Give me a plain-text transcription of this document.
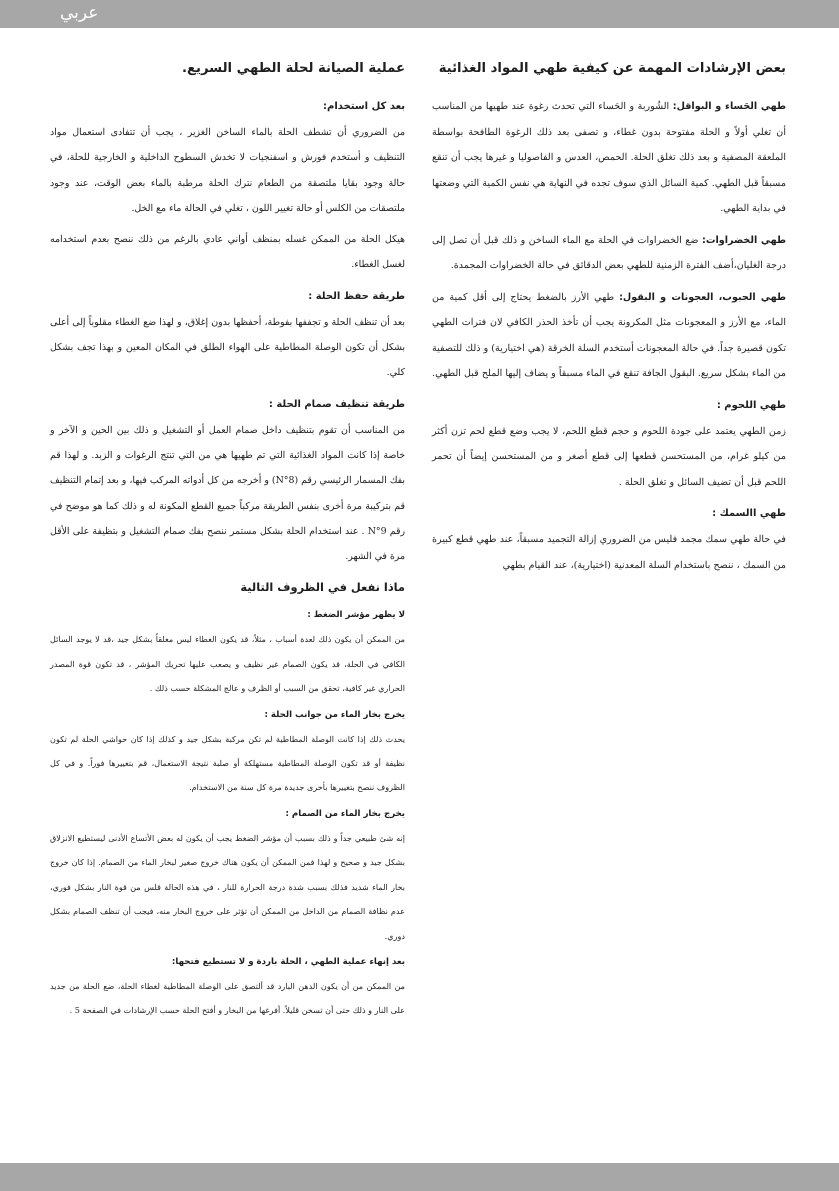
عربي
بعض الإرشادات المهمة عن كيفية طهي المواد الغذائية

طهي الحَساء و البواقل: الشُوربة و الحَساء التي تحدث رغوة عند طهيها من المناسب أن تغلي أولاً و الحلة مفتوحة بدون غطاء، و تصفى بعد ذلك الرغوة الطافحة بواسطة الملعقة المصفية و بعد ذلك تغلق الحلة. الحمص، العدس و الفاصوليا و غيرها يجب أن تنقع مسبقاً قبل الطهي. كمية السائل الذي سوف تجده في النهاية هي نفس الكمية التي وضعتها في بداية الطهي.

طهي الخضراوات: ضع الخضراوات في الحلة مع الماء الساخن و ذلك قبل أن تصل إلى درجة الغليان،أضف الفترة الزمنية للطهي بعض الدقائق في حالة الخضراوات المجمدة.

طهي الحبوب، العجونات و البقول: طهي الأرز بالضغط يحتاج إلى أقل كمية من الماء، مع الأرز و المعجونات مثل المكرونة يجب أن تأخذ الحذر الكافي لان فترات الطهي تكون قصيرة جداً. في حالة المعجونات أستخدم السلة الخرقة (هي اختيارية) و ذلك للتصفية من الماء بشكل سريع. البقول الجافة تنقع في الماء مسبقاً و يضاف إليها الملح قبل الطهي.

طهي اللحوم :

زمن الطهي يعتمد على جودة اللحوم و حجم قطع اللحم، لا يجب وضع قطع لحم تزن أكثر من كيلو غرام، من المستحسن قطعها إلى قطع أصغر و من المستحسن إيضاً أن تحمر اللحم قبل أن تضيف السائل و تغلق الحلة .

طهي االسمك :

في حالة طهي سمك مجمد فليس من الضروري إزالة التجميد مسبقاً، عند طهي قطع كبيرة من السمك ، ننصح باستخدام السلة المعدنية (اختيارية)، عند القيام بطهي

عملية الصيانة لحلة الطهي السريع.
بعد كل استخدام:

من الضروري أن تشطف الحلة بالماء الساخن الغزير ، يجب أن تتفادى استعمال مواد التنظيف و أستخدم فورش و اسفنجيات لا تخدش السطوح الداخلية و الخارجية للحلة، في حالة وجود بقايا ملتصقة من الطعام نترك الحلة مرطبة بالماء بعض الوقت، عند وجود ملتصقات من الكلس أو حالة تغيير اللون ، تغلي في الحالة ماء مع الخل.

هيكل الحلة من الممكن غسله بمنظف أواني عادي بالرغم من ذلك ننصح بعدم استخدامه لغسل الغطاء.

طريقة حفظ الحلة :

بعد أن تنظف الحلة و تجففها بفوطة، أحفظها بدون إغلاق، و لهذا ضع الغطاء مقلوباً إلى أعلى بشكل أن تكون الوصلة المطاطية على الهواء الطلق في المكان المعين و بهذا تجف بشكل كلي.

طريقة تنظيف صمام الحلة :

من المناسب أن تقوم بتنظيف داخل صمام العمل أو التشغيل و ذلك بين الحين و الآخر و خاصة إذا كانت المواد الغذائية التي تم طهيها هي من التي تنتج الرغوات و الزبد. و لهذا قم بفك المسمار الرئيسي رقم (N°8) و أخرجه من كل أدواته المركب فيها، و بعد إتمام التنظيف قم بتركيبة مرة أخرى بنفس الطريقة مركباً جميع القطع المكونة له و ذلك كما هو موضح في رقم N°9 . عند استخدام الحلة بشكل مستمر ننصح بفك صمام التشغيل و بتظيفة على الأقل مرة في الشهر.

ماذا نفعل في الظروف التالية
لا يظهر مؤشر الضغط :

من الممكن أن يكون ذلك لعدة أسباب ، مثلاً، قد يكون الغطاء ليس مغلقاً بشكل جيد ،قد لا يوجد السائل الكافي في الحلة، قد يكون الصمام غير نظيف و يصعب عليها تحريك المؤشر ، قد تكون قوة المصدر الحراري غير كافية، تحقق من السبب أو الظرف و عالج المشكلة حسب ذلك .

يخرج بخار الماء من جوانب الحلة :

يحدث ذلك إذا كانت الوصلة المطاطية لم تكن مركبة بشكل جيد و كذلك إذا كان حواشي الحلة لم تكون نظيفة أو قد تكون الوصلة المطاطية مستهلكة أو صلبة نتيجة الاستعمال، قم بتغييرها فوراً. و في كل الظروف ننصح بتغييرها بأخرى جديدة مرة كل سنة من الاستخدام.

يخرج بخار الماء من الصمام :

إنه شئ طبيعي جداً و ذلك بسبب أن مؤشر الضغط يجب أن يكون له بعض الأتساع الأدنى ليستطيع الانزلاق بشكل جيد و صحيح و لهذا فمن الممكن أن يكون هناك خروج صغير لبخار الماء من الصمام. إذا كان خروج بخار الماء شديد فذلك بسبب شدة درجة الحرارة للنار ، في هذه الحالة قلس من قوة النار بشكل فوري، عدم نظافة الصمام من الداخل من الممكن أن تؤثر على خروج البخار منه، فيجب أن تنظف الصمام بشكل دوري.

بعد إنهاء عملية الطهي ، الحلة باردة و لا تستطيع فتحها:

من الممكن من أن يكون الدهن البارد قد ألتصق على الوصلة المطاطية لغطاء الحلة، ضع الحلة من جديد على النار و ذلك حتى أن تسخن قليلاً. أفرغها من البخار و أفتح الحلة حسب الإرشادات في الصفحة 5 .
